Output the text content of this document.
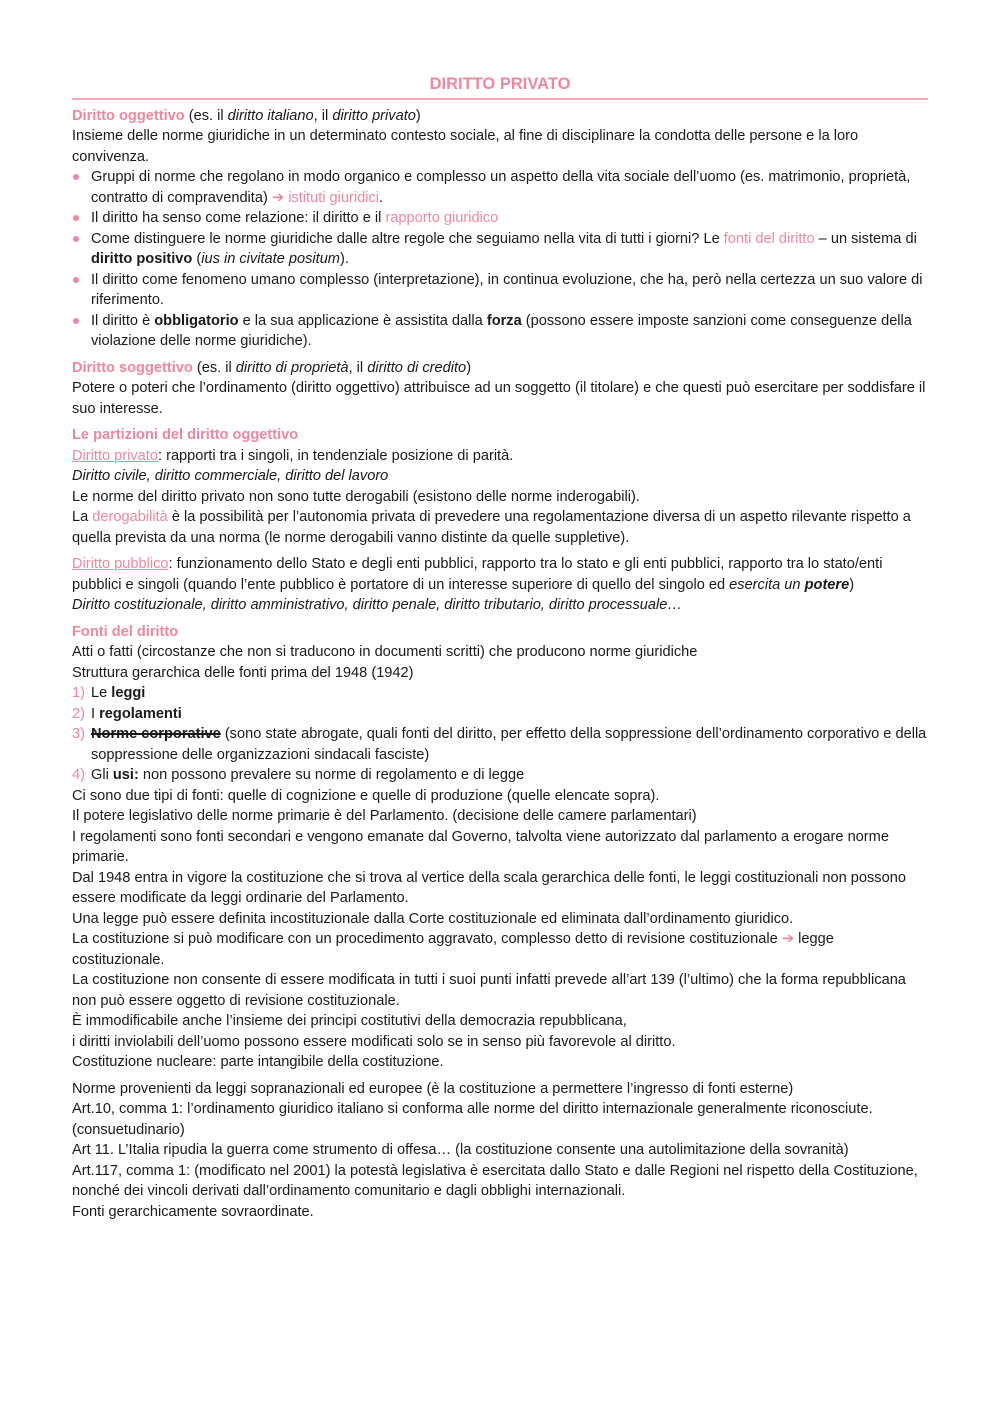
DIRITTO PRIVATO

Diritto oggettivo (es. il diritto italiano, il diritto privato)

Insieme delle norme giuridiche in un determinato contesto sociale, al fine di disciplinare la condotta delle persone e la loro convivenza.

Gruppi di norme che regolano in modo organico e complesso un aspetto della vita sociale dell’uomo (es. matrimonio, proprietà, contratto di compravendita) ➔ istituti giuridici.
Il diritto ha senso come relazione: il diritto e il rapporto giuridico
Come distinguere le norme giuridiche dalle altre regole che seguiamo nella vita di tutti i giorni? Le fonti del diritto – un sistema di diritto positivo (ius in civitate positum).
Il diritto come fenomeno umano complesso (interpretazione), in continua evoluzione, che ha, però nella certezza un suo valore di riferimento.
Il diritto è obbligatorio e la sua applicazione è assistita dalla forza (possono essere imposte sanzioni come conseguenze della violazione delle norme giuridiche).

Diritto soggettivo (es. il diritto di proprietà, il diritto di credito)

Potere o poteri che l’ordinamento (diritto oggettivo) attribuisce ad un soggetto (il titolare) e che questi può esercitare per soddisfare il suo interesse.

Le partizioni del diritto oggettivo

Diritto privato: rapporti tra i singoli, in tendenziale posizione di parità.

Diritto civile, diritto commerciale, diritto del lavoro

Le norme del diritto privato non sono tutte derogabili (esistono delle norme inderogabili).

La derogabilità è la possibilità per l’autonomia privata di prevedere una regolamentazione diversa di un aspetto rilevante rispetto a quella prevista da una norma (le norme derogabili vanno distinte da quelle suppletive).

Diritto pubblico: funzionamento dello Stato e degli enti pubblici, rapporto tra lo stato e gli enti pubblici, rapporto tra lo stato/enti pubblici e singoli (quando l’ente pubblico è portatore di un interesse superiore di quello del singolo ed esercita un potere)

Diritto costituzionale, diritto amministrativo, diritto penale, diritto tributario, diritto processuale…

Fonti del diritto

Atti o fatti (circostanze che non si traducono in documenti scritti) che producono norme giuridiche

Struttura gerarchica delle fonti prima del 1948 (1942)

1) Le leggi
2) I regolamenti
3) Norme corporative (sono state abrogate, quali fonti del diritto, per effetto della soppressione dell’ordinamento corporativo e della soppressione delle organizzazioni sindacali fasciste)
4) Gli usi: non possono prevalere su norme di regolamento e di legge

Ci sono due tipi di fonti: quelle di cognizione e quelle di produzione (quelle elencate sopra).

Il potere legislativo delle norme primarie è del Parlamento. (decisione delle camere parlamentari)

I regolamenti sono fonti secondari e vengono emanate dal Governo, talvolta viene autorizzato dal parlamento a erogare norme primarie.

Dal 1948 entra in vigore la costituzione che si trova al vertice della scala gerarchica delle fonti, le leggi costituzionali non possono essere modificate da leggi ordinarie del Parlamento.

Una legge può essere definita incostituzionale dalla Corte costituzionale ed eliminata dall’ordinamento giuridico.

La costituzione si può modificare con un procedimento aggravato, complesso detto di revisione costituzionale ➔ legge costituzionale.

La costituzione non consente di essere modificata in tutti i suoi punti infatti prevede all’art 139 (l’ultimo) che la forma repubblicana non può essere oggetto di revisione costituzionale.

È immodificabile anche l’insieme dei principi costitutivi della democrazia repubblicana,

i diritti inviolabili dell’uomo possono essere modificati solo se in senso più favorevole al diritto.

Costituzione nucleare: parte intangibile della costituzione.

Norme provenienti da leggi sopranazionali ed europee (è la costituzione a permettere l’ingresso di fonti esterne)

Art.10, comma 1: l’ordinamento giuridico italiano si conforma alle norme del diritto internazionale generalmente riconosciute. (consuetudinario)

Art 11. L’Italia ripudia la guerra come strumento di offesa… (la costituzione consente una autolimitazione della sovranità)

Art.117, comma 1: (modificato nel 2001) la potestà legislativa è esercitata dallo Stato e dalle Regioni nel rispetto della Costituzione, nonché dei vincoli derivati dall’ordinamento comunitario e dagli obblighi internazionali.

Fonti gerarchicamente sovraordinate.
